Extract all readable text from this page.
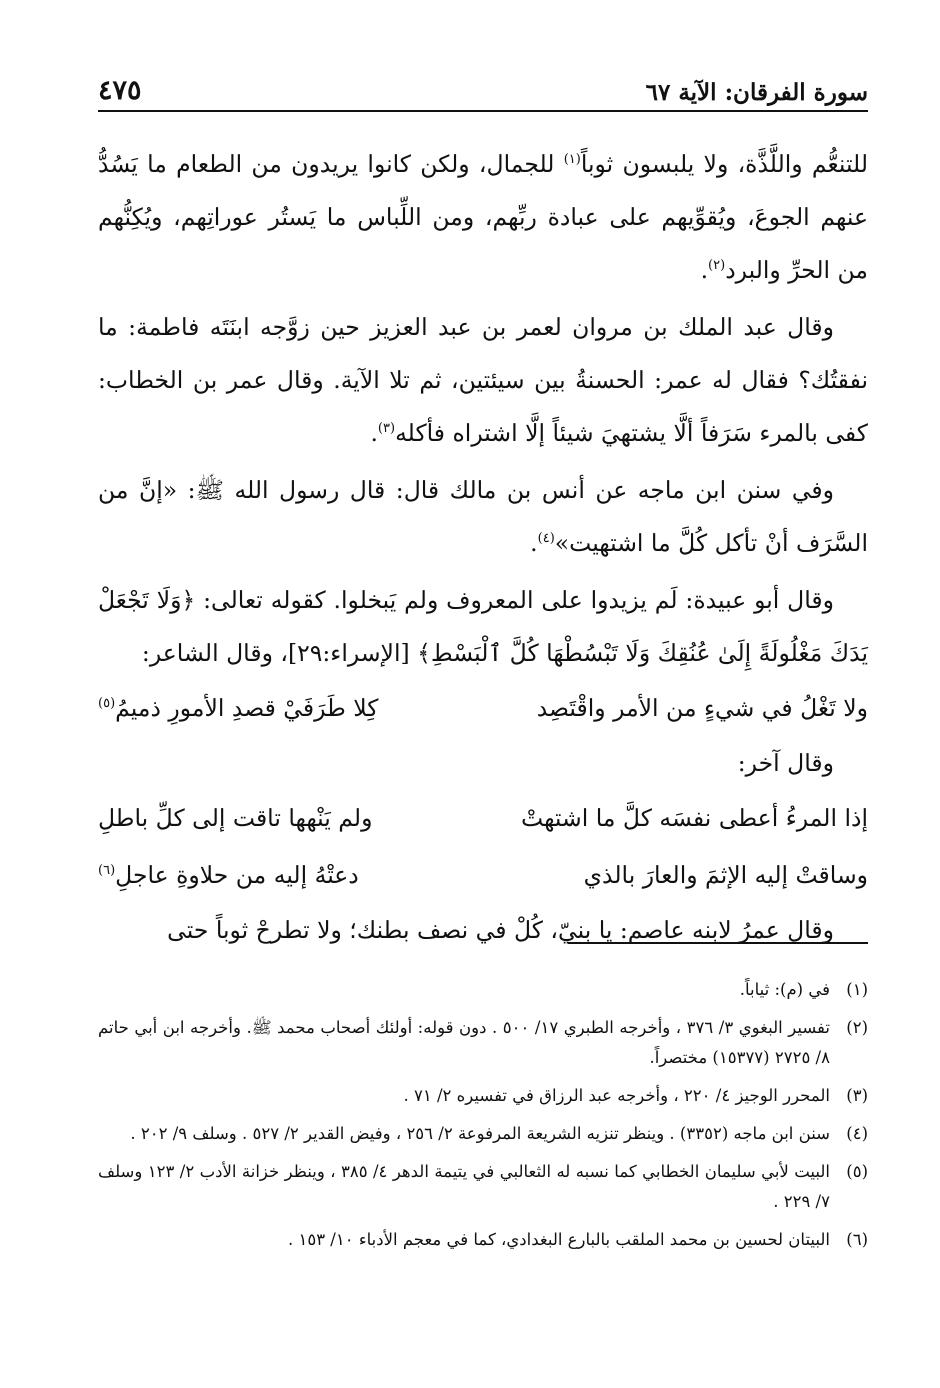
سورة الفرقان: الآية ٦٧
٤٧٥

للتنعُّم واللَّذَّة، ولا يلبسون ثوباً$^{(١)}$ للجمال، ولكن كانوا يريدون من الطعام ما يَسُدُّ عنهم الجوعَ، ويُقوِّيهم على عبادة ربِّهم، ومن اللِّباس ما يَستُر عوراتِهم، ويُكِنُّهم من الحرِّ والبرد$^{(٢)}$.

وقال عبد الملك بن مروان لعمر بن عبد العزيز حين زوَّجه ابنَتَه فاطمة: ما نفقتُك؟ فقال له عمر: الحسنةُ بين سيئتين، ثم تلا الآية. وقال عمر بن الخطاب: كفى بالمرء سَرَفاً ألَّا يشتهيَ شيئاً إلَّا اشتراه فأكله$^{(٣)}$.

وفي سنن ابن ماجه عن أنس بن مالك قال: قال رسول الله ﷺ: «إنَّ من السَّرَف أنْ تأكل كُلَّ ما اشتهيت»$^{(٤)}$.

وقال أبو عبيدة: لَم يزيدوا على المعروف ولم يَبخلوا. كقوله تعالى: ﴿وَلَا تَجْعَلْ يَدَكَ مَغْلُولَةً إِلَىٰ عُنُقِكَ وَلَا تَبْسُطْهَا كُلَّ ٱلْبَسْطِ﴾ [الإسراء:٢٩]، وقال الشاعر:

ولا تَغْلُ في شيءٍ من الأمر واقْتَصِد
كِلا طَرَفَيْ قصدِ الأمورِ ذميمُ$^{(٥)}$

وقال آخر:

إذا المرءُ أعطى نفسَه كلَّ ما اشتهتْ
ولم يَنْهها تاقت إلى كلِّ باطلِ
وساقتْ إليه الإثمَ والعارَ بالذي
دعتْهُ إليه من حلاوةِ عاجلِ$^{(٦)}$

وقال عمرُ لابنه عاصم: يا بنيّ، كُلْ في نصف بطنك؛ ولا تطرحْ ثوباً حتى

(١)
في (م): ثياباً.
(٢)
تفسير البغوي ٣/ ٣٧٦ ، وأخرجه الطبري ١٧/ ٥٠٠ . دون قوله: أولئك أصحاب محمد ﷺ. وأخرجه ابن أبي حاتم ٨/ ٢٧٢٥ (١٥٣٧٧) مختصراً.
(٣)
المحرر الوجيز ٤/ ٢٢٠ ، وأخرجه عبد الرزاق في تفسيره ٢/ ٧١ .
(٤)
سنن ابن ماجه (٣٣٥٢) . وينظر تنزيه الشريعة المرفوعة ٢/ ٢٥٦ ، وفيض القدير ٢/ ٥٢٧ . وسلف ٩/ ٢٠٢ .
(٥)
البيت لأبي سليمان الخطابي كما نسبه له الثعالبي في يتيمة الدهر ٤/ ٣٨٥ ، وينظر خزانة الأدب ٢/ ١٢٣ وسلف ٧/ ٢٢٩ .
(٦)
البيتان لحسين بن محمد الملقب بالبارع البغدادي، كما في معجم الأدباء ١٠/ ١٥٣ .
